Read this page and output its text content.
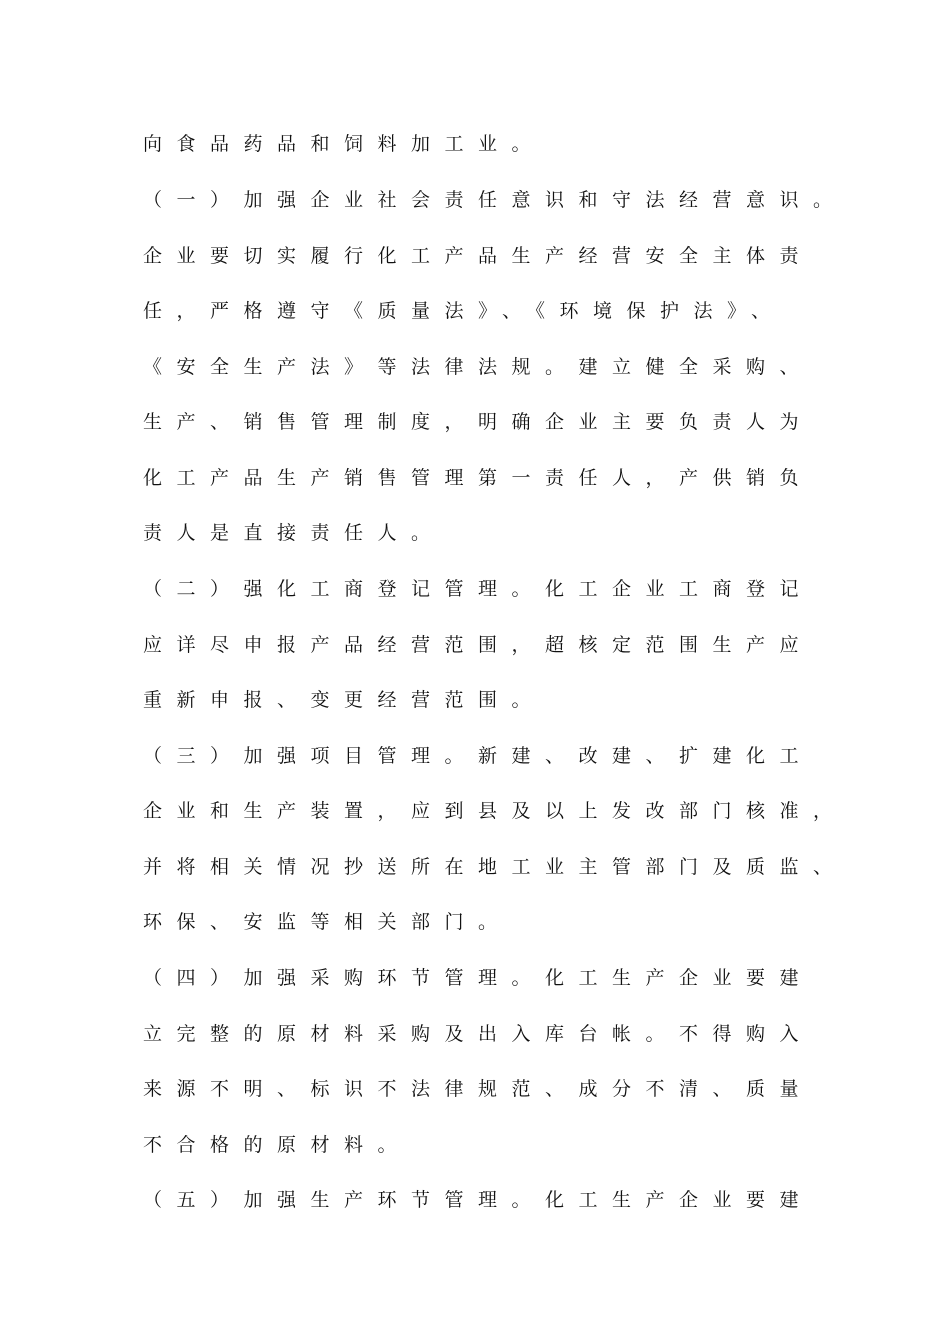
向食品药品和饲料加工业。
（一）加强企业社会责任意识和守法经营意识。
企业要切实履行化工产品生产经营安全主体责
任，严格遵守《质量法》、《环境保护法》、
《安全生产法》等法律法规。建立健全采购、
生产、销售管理制度，明确企业主要负责人为
化工产品生产销售管理第一责任人，产供销负
责人是直接责任人。
（二）强化工商登记管理。化工企业工商登记
应详尽申报产品经营范围，超核定范围生产应
重新申报、变更经营范围。
（三）加强项目管理。新建、改建、扩建化工
企业和生产装置，应到县及以上发改部门核准，
并将相关情况抄送所在地工业主管部门及质监、
环保、安监等相关部门。
（四）加强采购环节管理。化工生产企业要建
立完整的原材料采购及出入库台帐。不得购入
来源不明、标识不法律规范、成分不清、质量
不合格的原材料。
（五）加强生产环节管理。化工生产企业要建
